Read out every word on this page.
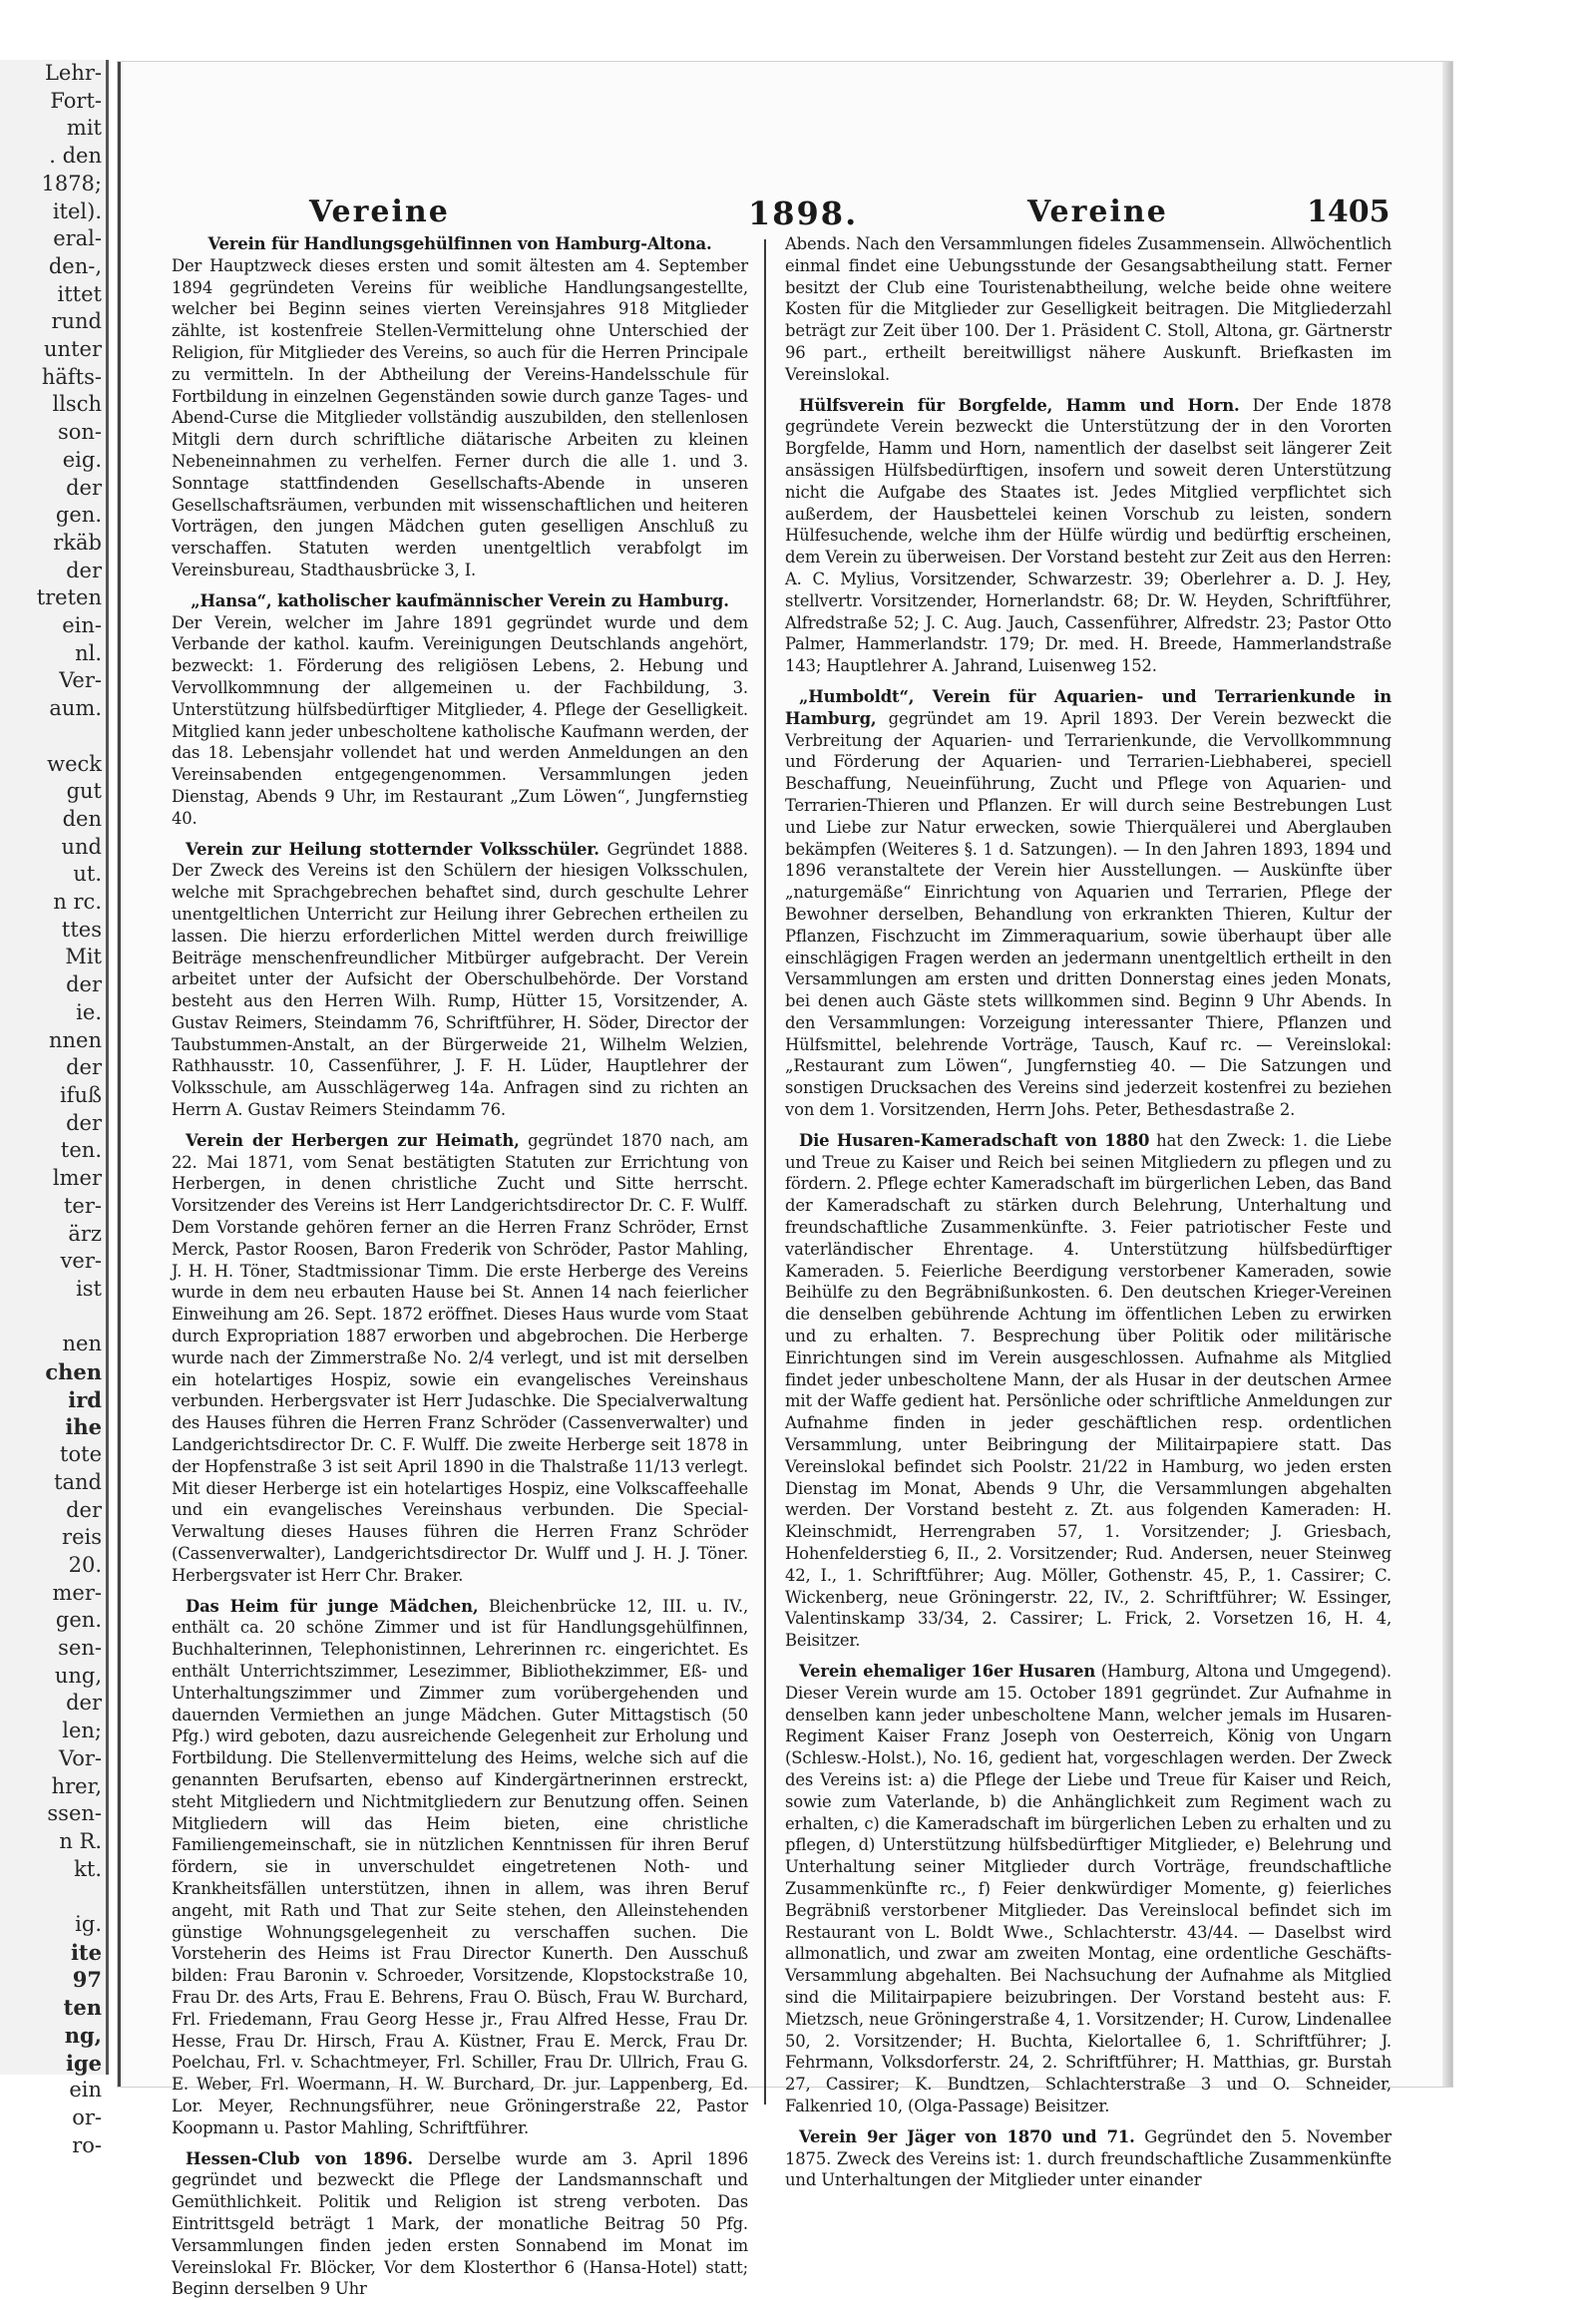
Lehr-
Fort-
mit
. den
1878;
itel).
eral-
den-,
ittet
rund
unter
häfts-
llsch
son-
eig.
der
gen.
rkäb
der
treten
ein-
nl.
Ver-
aum.
weck
gut
den
und
ut.
n rc.
ttes
Mit
der
ie.
nnen
der
ifuß
der
ten.
lmer
ter-
ärz
ver-
ist
nen
chen
ird
ihe
tote
tand
der
reis
20.
mer-
gen.
sen-
ung,
der
len;
Vor-
hrer,
ssen-
n R.
kt.
ig.
ite
97
ten
ng,
ige
ein
or-
ro-
Vereine	1898.	Vereine	1405

Verein für Handlungsgehülfinnen von Hamburg-Altona.
Der Hauptzweck dieses ersten und somit ältesten am 4. September 1894 gegründeten Vereins für weibliche Handlungsangestellte, welcher bei Beginn seines vierten Vereinsjahres 918 Mitglieder zählte, ist kostenfreie Stellen-Vermittelung ohne Unterschied der Religion, für Mitglieder des Vereins, so auch für die Herren Principale zu vermitteln. In der Abtheilung der Vereins-Handelsschule für Fortbildung in einzelnen Gegenständen sowie durch ganze Tages- und Abend-Curse die Mitglieder vollständig auszubilden, den stellenlosen Mitgli dern durch schriftliche diätarische Arbeiten zu kleinen Nebeneinnahmen zu verhelfen. Ferner durch die alle 1. und 3. Sonntage stattfindenden Gesellschafts-Abende in unseren Gesellschaftsräumen, verbunden mit wissenschaftlichen und heiteren Vorträgen, den jungen Mädchen guten geselligen Anschluß zu verschaffen. Statuten werden unentgeltlich verabfolgt im Vereinsbureau, Stadthausbrücke 3, I.

„Hansa“, katholischer kaufmännischer Verein zu Hamburg.
Der Verein, welcher im Jahre 1891 gegründet wurde und dem Verbande der kathol. kaufm. Vereinigungen Deutschlands angehört, bezweckt: 1. Förderung des religiösen Lebens, 2. Hebung und Vervollkommnung der allgemeinen u. der Fachbildung, 3. Unterstützung hülfsbedürftiger Mitglieder, 4. Pflege der Geselligkeit. Mitglied kann jeder unbescholtene katholische Kaufmann werden, der das 18. Lebensjahr vollendet hat und werden Anmeldungen an den Vereinsabenden entgegengenommen. Versammlungen jeden Dienstag, Abends 9 Uhr, im Restaurant „Zum Löwen“, Jungfernstieg 40.

Verein zur Heilung stotternder Volksschüler. Gegründet 1888. Der Zweck des Vereins ist den Schülern der hiesigen Volksschulen, welche mit Sprachgebrechen behaftet sind, durch geschulte Lehrer unentgeltlichen Unterricht zur Heilung ihrer Gebrechen ertheilen zu lassen. Die hierzu erforderlichen Mittel werden durch freiwillige Beiträge menschenfreundlicher Mitbürger aufgebracht. Der Verein arbeitet unter der Aufsicht der Oberschulbehörde. Der Vorstand besteht aus den Herren Wilh. Rump, Hütter 15, Vorsitzender, A. Gustav Reimers, Steindamm 76, Schriftführer, H. Söder, Director der Taubstummen-Anstalt, an der Bürgerweide 21, Wilhelm Welzien, Rathhausstr. 10, Cassenführer, J. F. H. Lüder, Hauptlehrer der Volksschule, am Ausschlägerweg 14a. Anfragen sind zu richten an Herrn A. Gustav Reimers Steindamm 76.

Verein der Herbergen zur Heimath, gegründet 1870 nach, am 22. Mai 1871, vom Senat bestätigten Statuten zur Errichtung von Herbergen, in denen christliche Zucht und Sitte herrscht. Vorsitzender des Vereins ist Herr Landgerichtsdirector Dr. C. F. Wulff. Dem Vorstande gehören ferner an die Herren Franz Schröder, Ernst Merck, Pastor Roosen, Baron Frederik von Schröder, Pastor Mahling, J. H. H. Töner, Stadtmissionar Timm. Die erste Herberge des Vereins wurde in dem neu erbauten Hause bei St. Annen 14 nach feierlicher Einweihung am 26. Sept. 1872 eröffnet. Dieses Haus wurde vom Staat durch Expropriation 1887 erworben und abgebrochen. Die Herberge wurde nach der Zimmerstraße No. 2/4 verlegt, und ist mit derselben ein hotelartiges Hospiz, sowie ein evangelisches Vereinshaus verbunden. Herbergsvater ist Herr Judaschke. Die Specialverwaltung des Hauses führen die Herren Franz Schröder (Cassenverwalter) und Landgerichtsdirector Dr. C. F. Wulff. Die zweite Herberge seit 1878 in der Hopfenstraße 3 ist seit April 1890 in die Thalstraße 11/13 verlegt. Mit dieser Herberge ist ein hotelartiges Hospiz, eine Volkscaffeehalle und ein evangelisches Vereinshaus verbunden. Die Special-Verwaltung dieses Hauses führen die Herren Franz Schröder (Cassenverwalter), Landgerichtsdirector Dr. Wulff und J. H. J. Töner. Herbergsvater ist Herr Chr. Braker.

Das Heim für junge Mädchen, Bleichenbrücke 12, III. u. IV., enthält ca. 20 schöne Zimmer und ist für Handlungsgehülfinnen, Buchhalterinnen, Telephonistinnen, Lehrerinnen rc. eingerichtet. Es enthält Unterrichtszimmer, Lesezimmer, Bibliothekzimmer, Eß- und Unterhaltungszimmer und Zimmer zum vorübergehenden und dauernden Vermiethen an junge Mädchen. Guter Mittagstisch (50 Pfg.) wird geboten, dazu ausreichende Gelegenheit zur Erholung und Fortbildung. Die Stellenvermittelung des Heims, welche sich auf die genannten Berufsarten, ebenso auf Kindergärtnerinnen erstreckt, steht Mitgliedern und Nichtmitgliedern zur Benutzung offen. Seinen Mitgliedern will das Heim bieten, eine christliche Familiengemeinschaft, sie in nützlichen Kenntnissen für ihren Beruf fördern, sie in unverschuldet eingetretenen Noth- und Krankheitsfällen unterstützen, ihnen in allem, was ihren Beruf angeht, mit Rath und That zur Seite stehen, den Alleinstehenden günstige Wohnungsgelegenheit zu verschaffen suchen. Die Vorsteherin des Heims ist Frau Director Kunerth. Den Ausschuß bilden: Frau Baronin v. Schroeder, Vorsitzende, Klopstockstraße 10, Frau Dr. des Arts, Frau E. Behrens, Frau O. Büsch, Frau W. Burchard, Frl. Friedemann, Frau Georg Hesse jr., Frau Alfred Hesse, Frau Dr. Hesse, Frau Dr. Hirsch, Frau A. Küstner, Frau E. Merck, Frau Dr. Poelchau, Frl. v. Schachtmeyer, Frl. Schiller, Frau Dr. Ullrich, Frau G. E. Weber, Frl. Woermann, H. W. Burchard, Dr. jur. Lappenberg, Ed. Lor. Meyer, Rechnungsführer, neue Gröningerstraße 22, Pastor Koopmann u. Pastor Mahling, Schriftführer.

Hessen-Club von 1896. Derselbe wurde am 3. April 1896 gegründet und bezweckt die Pflege der Landsmannschaft und Gemüthlichkeit. Politik und Religion ist streng verboten. Das Eintrittsgeld beträgt 1 Mark, der monatliche Beitrag 50 Pfg. Versammlungen finden jeden ersten Sonnabend im Monat im Vereinslokal Fr. Blöcker, Vor dem Klosterthor 6 (Hansa-Hotel) statt; Beginn derselben 9 Uhr

Abends. Nach den Versammlungen fideles Zusammensein. Allwöchentlich einmal findet eine Uebungsstunde der Gesangsabtheilung statt. Ferner besitzt der Club eine Touristenabtheilung, welche beide ohne weitere Kosten für die Mitglieder zur Geselligkeit beitragen. Die Mitgliederzahl beträgt zur Zeit über 100. Der 1. Präsident C. Stoll, Altona, gr. Gärtnerstr 96 part., ertheilt bereitwilligst nähere Auskunft. Briefkasten im Vereinslokal.

Hülfsverein für Borgfelde, Hamm und Horn. Der Ende 1878 gegründete Verein bezweckt die Unterstützung der in den Vororten Borgfelde, Hamm und Horn, namentlich der daselbst seit längerer Zeit ansässigen Hülfsbedürftigen, insofern und soweit deren Unterstützung nicht die Aufgabe des Staates ist. Jedes Mitglied verpflichtet sich außerdem, der Hausbettelei keinen Vorschub zu leisten, sondern Hülfesuchende, welche ihm der Hülfe würdig und bedürftig erscheinen, dem Verein zu überweisen. Der Vorstand besteht zur Zeit aus den Herren: A. C. Mylius, Vorsitzender, Schwarzestr. 39; Oberlehrer a. D. J. Hey, stellvertr. Vorsitzender, Hornerlandstr. 68; Dr. W. Heyden, Schriftführer, Alfredstraße 52; J. C. Aug. Jauch, Cassenführer, Alfredstr. 23; Pastor Otto Palmer, Hammerlandstr. 179; Dr. med. H. Breede, Hammerlandstraße 143; Hauptlehrer A. Jahrand, Luisenweg 152.

„Humboldt“, Verein für Aquarien- und Terrarienkunde in Hamburg, gegründet am 19. April 1893. Der Verein bezweckt die Verbreitung der Aquarien- und Terrarienkunde, die Vervollkommnung und Förderung der Aquarien- und Terrarien-Liebhaberei, speciell Beschaffung, Neueinführung, Zucht und Pflege von Aquarien- und Terrarien-Thieren und Pflanzen. Er will durch seine Bestrebungen Lust und Liebe zur Natur erwecken, sowie Thierquälerei und Aberglauben bekämpfen (Weiteres §. 1 d. Satzungen). — In den Jahren 1893, 1894 und 1896 veranstaltete der Verein hier Ausstellungen. — Auskünfte über „naturgemäße“ Einrichtung von Aquarien und Terrarien, Pflege der Bewohner derselben, Behandlung von erkrankten Thieren, Kultur der Pflanzen, Fischzucht im Zimmeraquarium, sowie überhaupt über alle einschlägigen Fragen werden an jedermann unentgeltlich ertheilt in den Versammlungen am ersten und dritten Donnerstag eines jeden Monats, bei denen auch Gäste stets willkommen sind. Beginn 9 Uhr Abends. In den Versammlungen: Vorzeigung interessanter Thiere, Pflanzen und Hülfsmittel, belehrende Vorträge, Tausch, Kauf rc. — Vereinslokal: „Restaurant zum Löwen“, Jungfernstieg 40. — Die Satzungen und sonstigen Drucksachen des Vereins sind jederzeit kostenfrei zu beziehen von dem 1. Vorsitzenden, Herrn Johs. Peter, Bethesdastraße 2.

Die Husaren-Kameradschaft von 1880 hat den Zweck: 1. die Liebe und Treue zu Kaiser und Reich bei seinen Mitgliedern zu pflegen und zu fördern. 2. Pflege echter Kameradschaft im bürgerlichen Leben, das Band der Kameradschaft zu stärken durch Belehrung, Unterhaltung und freundschaftliche Zusammenkünfte. 3. Feier patriotischer Feste und vaterländischer Ehrentage. 4. Unterstützung hülfsbedürftiger Kameraden. 5. Feierliche Beerdigung verstorbener Kameraden, sowie Beihülfe zu den Begräbnißunkosten. 6. Den deutschen Krieger-Vereinen die denselben gebührende Achtung im öffentlichen Leben zu erwirken und zu erhalten. 7. Besprechung über Politik oder militärische Einrichtungen sind im Verein ausgeschlossen. Aufnahme als Mitglied findet jeder unbescholtene Mann, der als Husar in der deutschen Armee mit der Waffe gedient hat. Persönliche oder schriftliche Anmeldungen zur Aufnahme finden in jeder geschäftlichen resp. ordentlichen Versammlung, unter Beibringung der Militairpapiere statt. Das Vereinslokal befindet sich Poolstr. 21/22 in Hamburg, wo jeden ersten Dienstag im Monat, Abends 9 Uhr, die Versammlungen abgehalten werden. Der Vorstand besteht z. Zt. aus folgenden Kameraden: H. Kleinschmidt, Herrengraben 57, 1. Vorsitzender; J. Griesbach, Hohenfelderstieg 6, II., 2. Vorsitzender; Rud. Andersen, neuer Steinweg 42, I., 1. Schriftführer; Aug. Möller, Gothenstr. 45, P., 1. Cassirer; C. Wickenberg, neue Gröningerstr. 22, IV., 2. Schriftführer; W. Essinger, Valentinskamp 33/34, 2. Cassirer; L. Frick, 2. Vorsetzen 16, H. 4, Beisitzer.

Verein ehemaliger 16er Husaren (Hamburg, Altona und Umgegend). Dieser Verein wurde am 15. October 1891 gegründet. Zur Aufnahme in denselben kann jeder unbescholtene Mann, welcher jemals im Husaren-Regiment Kaiser Franz Joseph von Oesterreich, König von Ungarn (Schlesw.-Holst.), No. 16, gedient hat, vorgeschlagen werden. Der Zweck des Vereins ist: a) die Pflege der Liebe und Treue für Kaiser und Reich, sowie zum Vaterlande, b) die Anhänglichkeit zum Regiment wach zu erhalten, c) die Kameradschaft im bürgerlichen Leben zu erhalten und zu pflegen, d) Unterstützung hülfsbedürftiger Mitglieder, e) Belehrung und Unterhaltung seiner Mitglieder durch Vorträge, freundschaftliche Zusammenkünfte rc., f) Feier denkwürdiger Momente, g) feierliches Begräbniß verstorbener Mitglieder. Das Vereinslocal befindet sich im Restaurant von L. Boldt Wwe., Schlachterstr. 43/44. — Daselbst wird allmonatlich, und zwar am zweiten Montag, eine ordentliche Geschäfts-Versammlung abgehalten. Bei Nachsuchung der Aufnahme als Mitglied sind die Militairpapiere beizubringen. Der Vorstand besteht aus: F. Mietzsch, neue Gröningerstraße 4, 1. Vorsitzender; H. Curow, Lindenallee 50, 2. Vorsitzender; H. Buchta, Kielortallee 6, 1. Schriftführer; J. Fehrmann, Volksdorferstr. 24, 2. Schriftführer; H. Matthias, gr. Burstah 27, Cassirer; K. Bundtzen, Schlachterstraße 3 und O. Schneider, Falkenried 10, (Olga-Passage) Beisitzer.

Verein 9er Jäger von 1870 und 71. Gegründet den 5. November 1875. Zweck des Vereins ist: 1. durch freundschaftliche Zusammenkünfte und Unterhaltungen der Mitglieder unter einander
